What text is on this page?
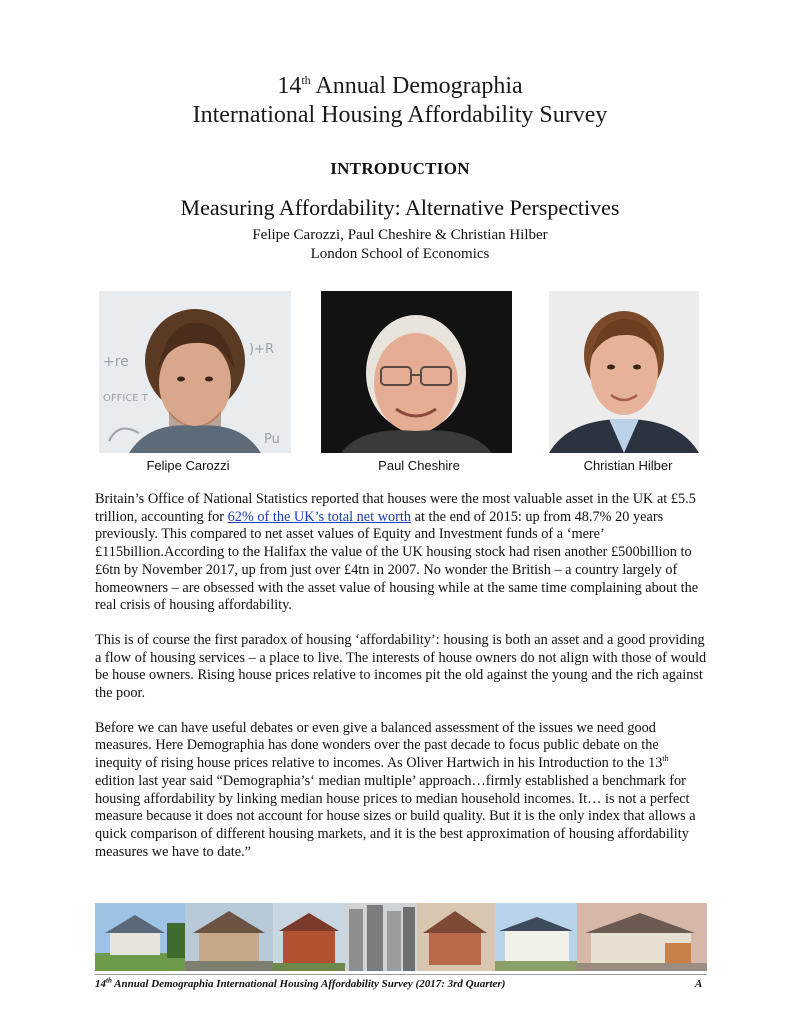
14th Annual Demographia
International Housing Affordability Survey
INTRODUCTION
Measuring Affordability: Alternative Perspectives
Felipe Carozzi, Paul Cheshire & Christian Hilber
London School of Economics
+re
OFFICE T
)+R
Pu
Felipe Carozzi	Paul Cheshire	Christian Hilber

Britain’s Office of National Statistics reported that houses were the most valuable asset in the UK at £5.5 trillion, accounting for 62% of the UK’s total net worth at the end of 2015: up from 48.7% 20 years previously. This compared to net asset values of Equity and Investment funds of a ‘mere’ £115billion.According to the Halifax the value of the UK housing stock had risen another £500billion to £6tn by November 2017, up from just over £4tn in 2007. No wonder the British – a country largely of homeowners – are obsessed with the asset value of housing while at the same time complaining about the real crisis of housing affordability.

This is of course the first paradox of housing ‘affordability’: housing is both an asset and a good providing a flow of housing services – a place to live. The interests of house owners do not align with those of would be house owners. Rising house prices relative to incomes pit the old against the young and the rich against the poor.

Before we can have useful debates or even give a balanced assessment of the issues we need good measures. Here Demographia has done wonders over the past decade to focus public debate on the inequity of rising house prices relative to incomes. As Oliver Hartwich in his Introduction to the 13th edition last year said “Demographia’s‘ median multiple’ approach…firmly established a benchmark for housing affordability by linking median house prices to median household incomes. It… is not a perfect measure because it does not account for house sizes or build quality. But it is the only index that allows a quick comparison of different housing markets, and it is the best approximation of housing affordability measures we have to date.”

14th Annual Demographia International Housing Affordability Survey (2017: 3rd Quarter)	A
